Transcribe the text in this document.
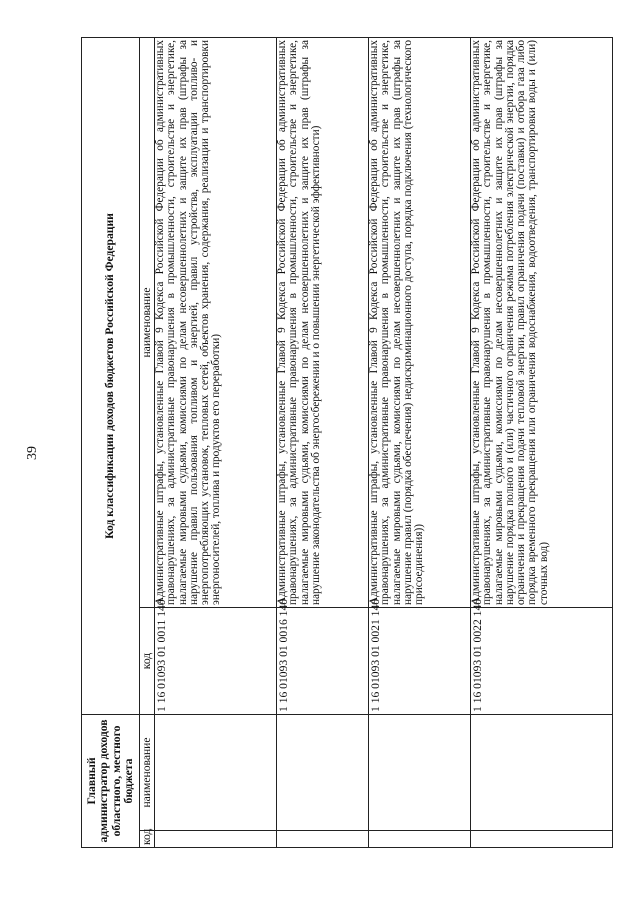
39
Главный администратор доходов областного, местного бюджета		Код классификации доходов бюджетов Российской Федерации	
код	наименование	код	наименование
		1 16 01093 01 0011 140	Административные штрафы, установленные Главой 9 Кодекса Российской Федерации об административных правонарушениях, за административные правонарушения в промышленности, строительстве и энергетике, налагаемые мировыми судьями, комиссиями по делам несовершеннолетних и защите их прав (штрафы за нарушение правил пользования топливом и энергией, правил устройства, эксплуатации топливо- и энергопотребляющих установок, тепловых сетей, объектов хранения, содержания, реализации и транспортировки энергоносителей, топлива и продуктов его переработки)
		1 16 01093 01 0016 140	Административные штрафы, установленные Главой 9 Кодекса Российской Федерации об административных правонарушениях, за административные правонарушения в промышленности, строительстве и энергетике, налагаемые мировыми судьями, комиссиями по делам несовершеннолетних и защите их прав (штрафы за нарушение законодательства об энергосбережении и о повышении энергетической эффективности)
		1 16 01093 01 0021 140	Административные штрафы, установленные Главой 9 Кодекса Российской Федерации об административных правонарушениях, за административные правонарушения в промышленности, строительстве и энергетике, налагаемые мировыми судьями, комиссиями по делам несовершеннолетних и защите их прав (штрафы за нарушение правил (порядка обеспечения) недискриминационного доступа, порядка подключения (технологического присоединения))
		1 16 01093 01 0022 140	Административные штрафы, установленные Главой 9 Кодекса Российской Федерации об административных правонарушениях, за административные правонарушения в промышленности, строительстве и энергетике, налагаемые мировыми судьями, комиссиями по делам несовершеннолетних и защите их прав (штрафы за нарушение порядка полного и (или) частичного ограничения режима потребления электрической энергии, порядка ограничения и прекращения подачи тепловой энергии, правил ограничения подачи (поставки) и отбора газа либо порядка временного прекращения или ограничения водоснабжения, водоотведения, транспортировки воды и (или) сточных вод)
